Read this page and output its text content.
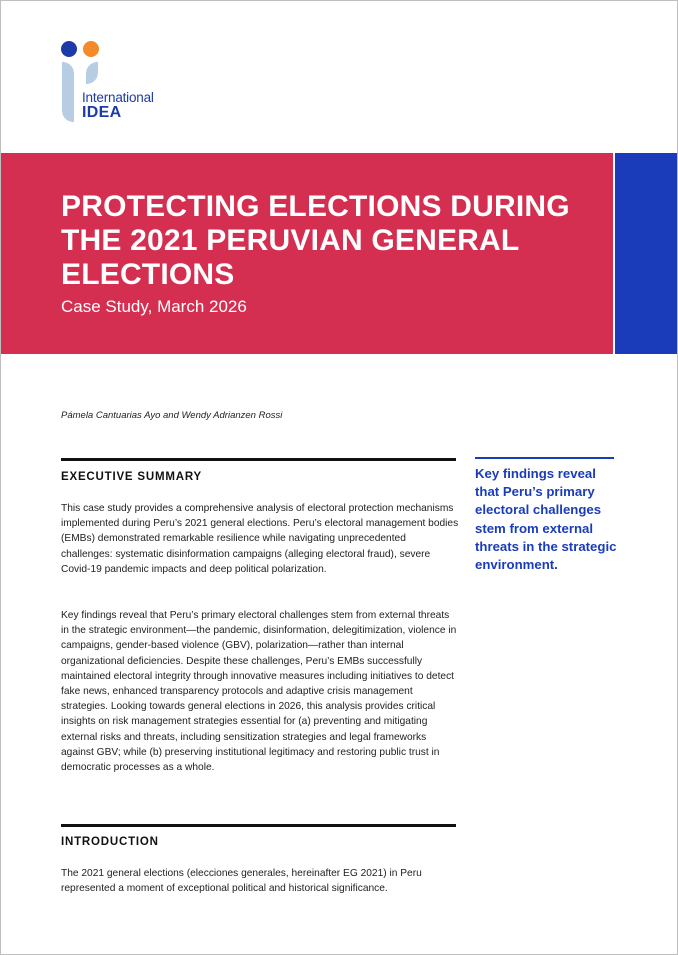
International
IDEA
PROTECTING ELECTIONS DURING THE 2021 PERUVIAN GENERAL ELECTIONS

Case Study, March 2026

Pámela Cantuarias Ayo and Wendy Adrianzen Rossi
EXECUTIVE SUMMARY

This case study provides a comprehensive analysis of electoral protection mechanisms implemented during Peru’s 2021 general elections. Peru’s electoral management bodies (EMBs) demonstrated remarkable resilience while navigating unprecedented challenges: systematic disinformation campaigns (alleging electoral fraud), severe Covid-19 pandemic impacts and deep political polarization.

Key findings reveal that Peru’s primary electoral challenges stem from external threats in the strategic environment—the pandemic, disinformation, delegitimization, violence in campaigns, gender-based violence (GBV), polarization—rather than internal organizational deficiencies. Despite these challenges, Peru’s EMBs successfully maintained electoral integrity through innovative measures including initiatives to detect fake news, enhanced transparency protocols and adaptive crisis management strategies. Looking towards general elections in 2026, this analysis provides critical insights on risk management strategies essential for (a) preventing and mitigating external risks and threats, including sensitization strategies and legal frameworks against GBV; while (b) preserving institutional legitimacy and restoring public trust in democratic processes as a whole.

Key findings reveal that Peru’s primary electoral challenges stem from external threats in the strategic environment.

INTRODUCTION

The 2021 general elections (elecciones generales, hereinafter EG 2021) in Peru represented a moment of exceptional political and historical significance.
